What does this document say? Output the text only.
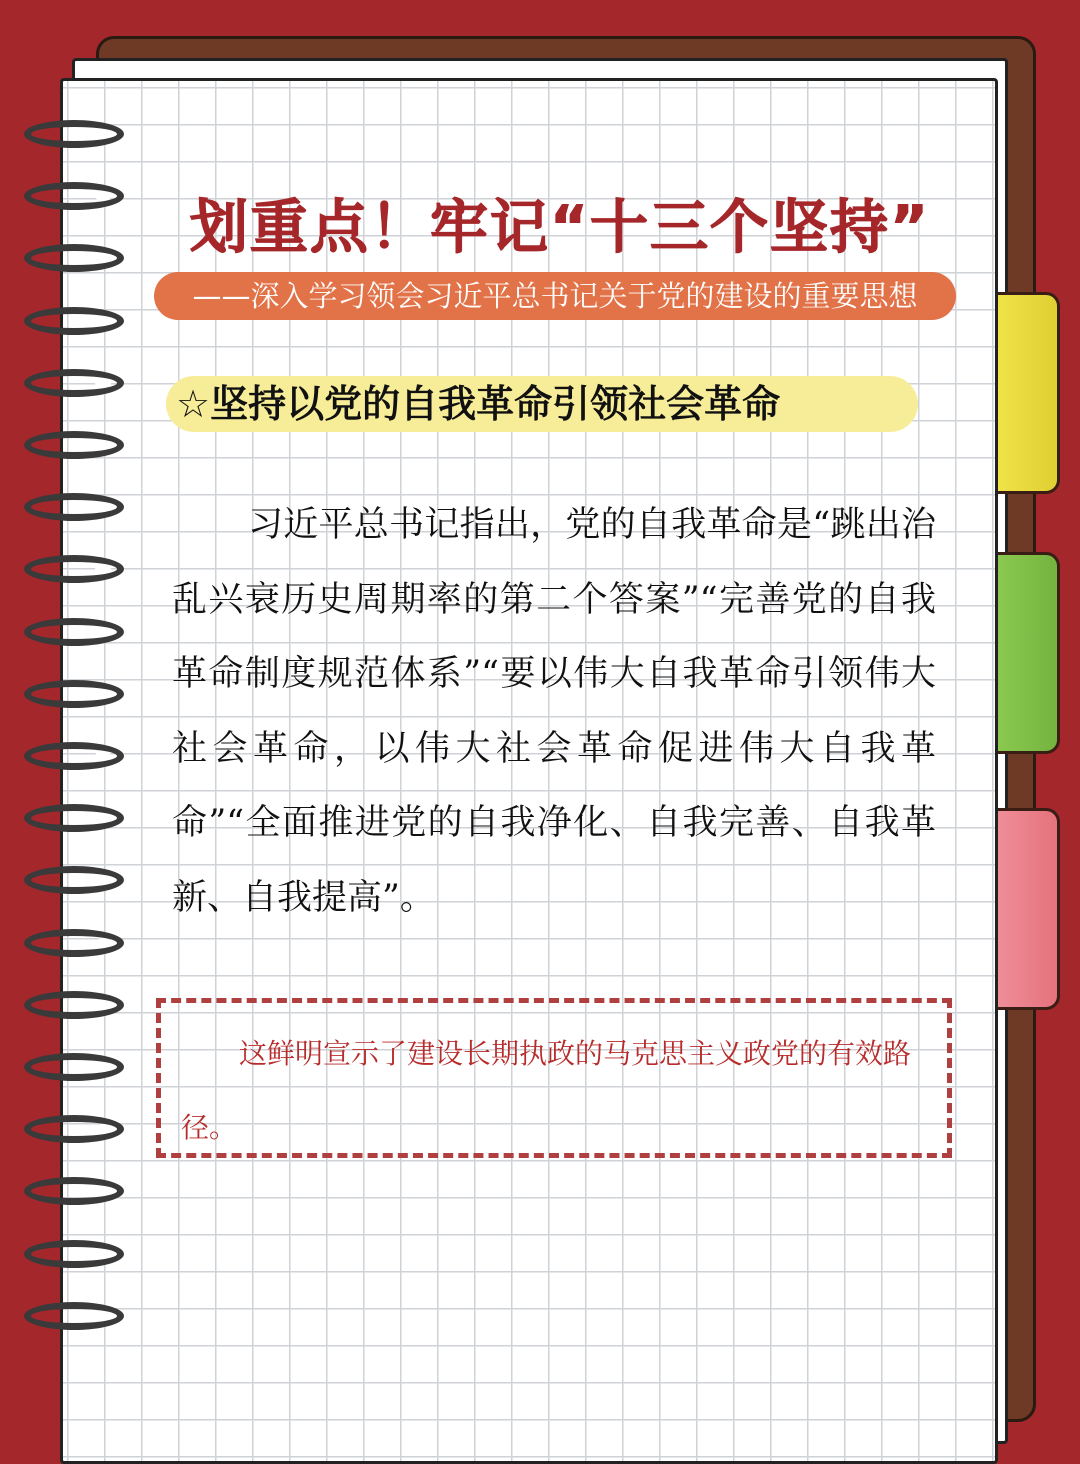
划重点！牢记“十三个坚持”
——深入学习领会习近平总书记关于党的建设的重要思想
☆坚持以党的自我革命引领社会革命

习近平总书记指出，党的自我革命是“跳出治乱兴衰历史周期率的第二个答案”“完善党的自我革命制度规范体系”“要以伟大自我革命引领伟大社会革命，以伟大社会革命促进伟大自我革命”“全面推进党的自我净化、自我完善、自我革新、自我提高”。

这鲜明宣示了建设长期执政的马克思主义政党的有效路径。
